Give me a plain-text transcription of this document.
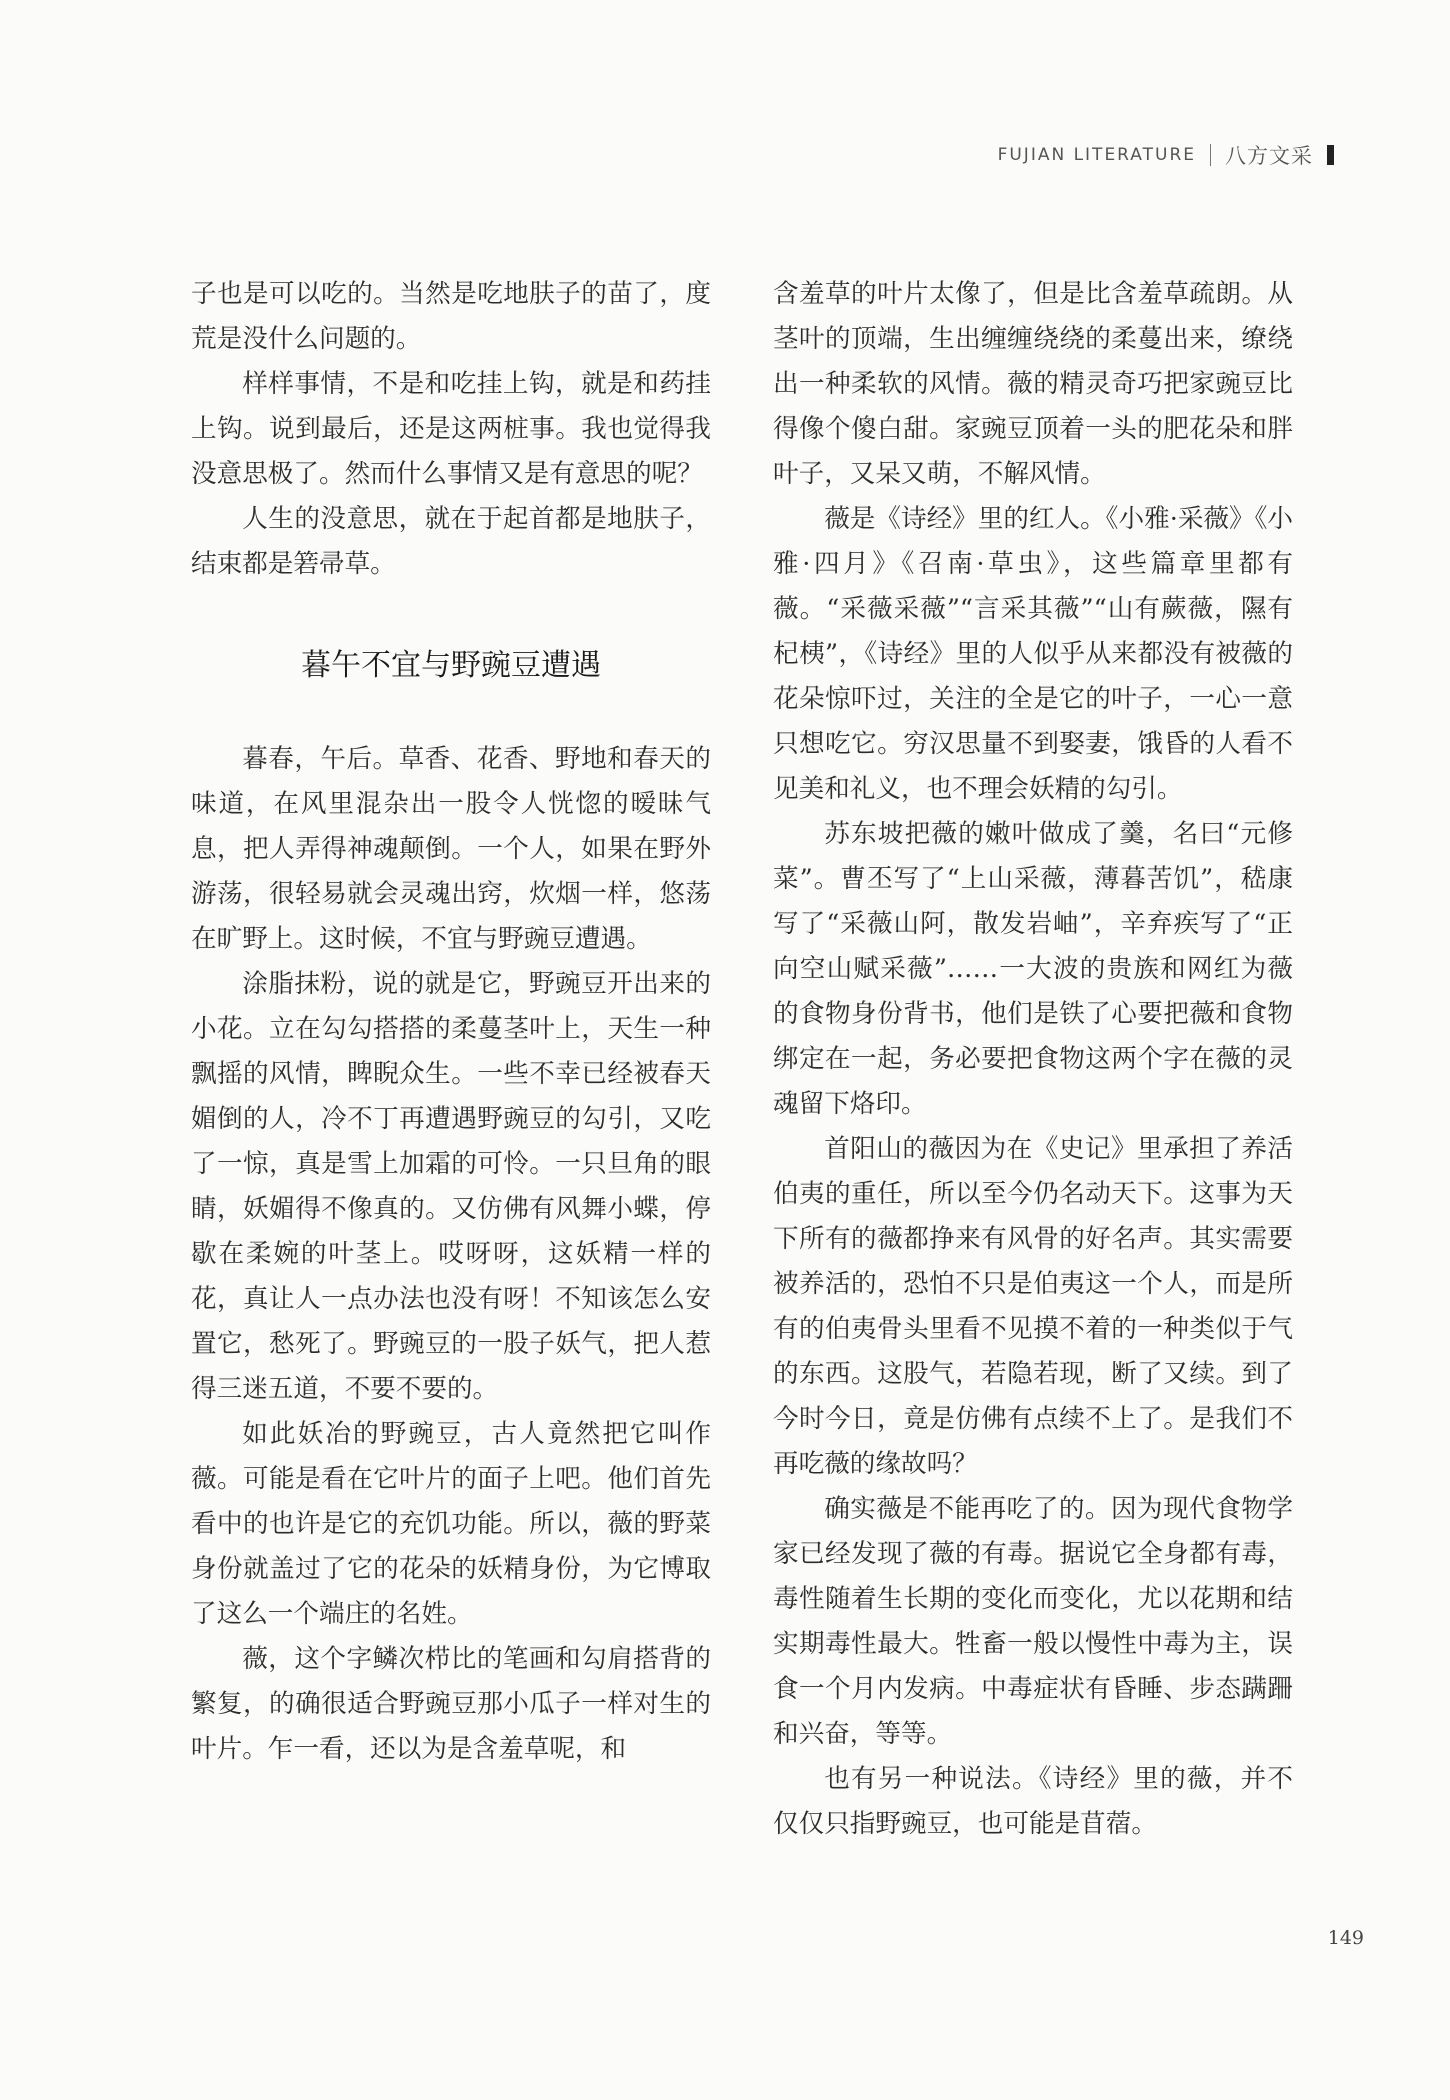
FUJIAN LITERATURE 八方文采

子也是可以吃的。当然是吃地肤子的苗了，度荒是没什么问题的。

样样事情，不是和吃挂上钩，就是和药挂上钩。说到最后，还是这两桩事。我也觉得我没意思极了。然而什么事情又是有意思的呢？

人生的没意思，就在于起首都是地肤子，结束都是箬帚草。

暮午不宜与野豌豆遭遇

暮春，午后。草香、花香、野地和春天的味道，在风里混杂出一股令人恍惚的暧昧气息，把人弄得神魂颠倒。一个人，如果在野外游荡，很轻易就会灵魂出窍，炊烟一样，悠荡在旷野上。这时候，不宜与野豌豆遭遇。

涂脂抹粉，说的就是它，野豌豆开出来的小花。立在勾勾搭搭的柔蔓茎叶上，天生一种飘摇的风情，睥睨众生。一些不幸已经被春天媚倒的人，冷不丁再遭遇野豌豆的勾引，又吃了一惊，真是雪上加霜的可怜。一只旦角的眼睛，妖媚得不像真的。又仿佛有风舞小蝶，停歇在柔婉的叶茎上。哎呀呀，这妖精一样的花，真让人一点办法也没有呀！不知该怎么安置它，愁死了。野豌豆的一股子妖气，把人惹得三迷五道，不要不要的。

如此妖冶的野豌豆，古人竟然把它叫作薇。可能是看在它叶片的面子上吧。他们首先看中的也许是它的充饥功能。所以，薇的野菜身份就盖过了它的花朵的妖精身份，为它博取了这么一个端庄的名姓。

薇，这个字鳞次栉比的笔画和勾肩搭背的繁复，的确很适合野豌豆那小瓜子一样对生的叶片。乍一看，还以为是含羞草呢，和

含羞草的叶片太像了，但是比含羞草疏朗。从茎叶的顶端，生出缠缠绕绕的柔蔓出来，缭绕出一种柔软的风情。薇的精灵奇巧把家豌豆比得像个傻白甜。家豌豆顶着一头的肥花朵和胖叶子，又呆又萌，不解风情。

薇是《诗经》里的红人。《小雅·采薇》《小雅·四月》《召南·草虫》，这些篇章里都有薇。“采薇采薇”“言采其薇”“山有蕨薇，隰有杞桋”，《诗经》里的人似乎从来都没有被薇的花朵惊吓过，关注的全是它的叶子，一心一意只想吃它。穷汉思量不到娶妻，饿昏的人看不见美和礼义，也不理会妖精的勾引。

苏东坡把薇的嫩叶做成了羹，名曰“元修菜”。曹丕写了“上山采薇，薄暮苦饥”，嵇康写了“采薇山阿，散发岩岫”，辛弃疾写了“正向空山赋采薇”……一大波的贵族和网红为薇的食物身份背书，他们是铁了心要把薇和食物绑定在一起，务必要把食物这两个字在薇的灵魂留下烙印。

首阳山的薇因为在《史记》里承担了养活伯夷的重任，所以至今仍名动天下。这事为天下所有的薇都挣来有风骨的好名声。其实需要被养活的，恐怕不只是伯夷这一个人，而是所有的伯夷骨头里看不见摸不着的一种类似于气的东西。这股气，若隐若现，断了又续。到了今时今日，竟是仿佛有点续不上了。是我们不再吃薇的缘故吗？

确实薇是不能再吃了的。因为现代食物学家已经发现了薇的有毒。据说它全身都有毒，毒性随着生长期的变化而变化，尤以花期和结实期毒性最大。牲畜一般以慢性中毒为主，误食一个月内发病。中毒症状有昏睡、步态蹒跚和兴奋，等等。

也有另一种说法。《诗经》里的薇，并不仅仅只指野豌豆，也可能是苜蓿。

149
